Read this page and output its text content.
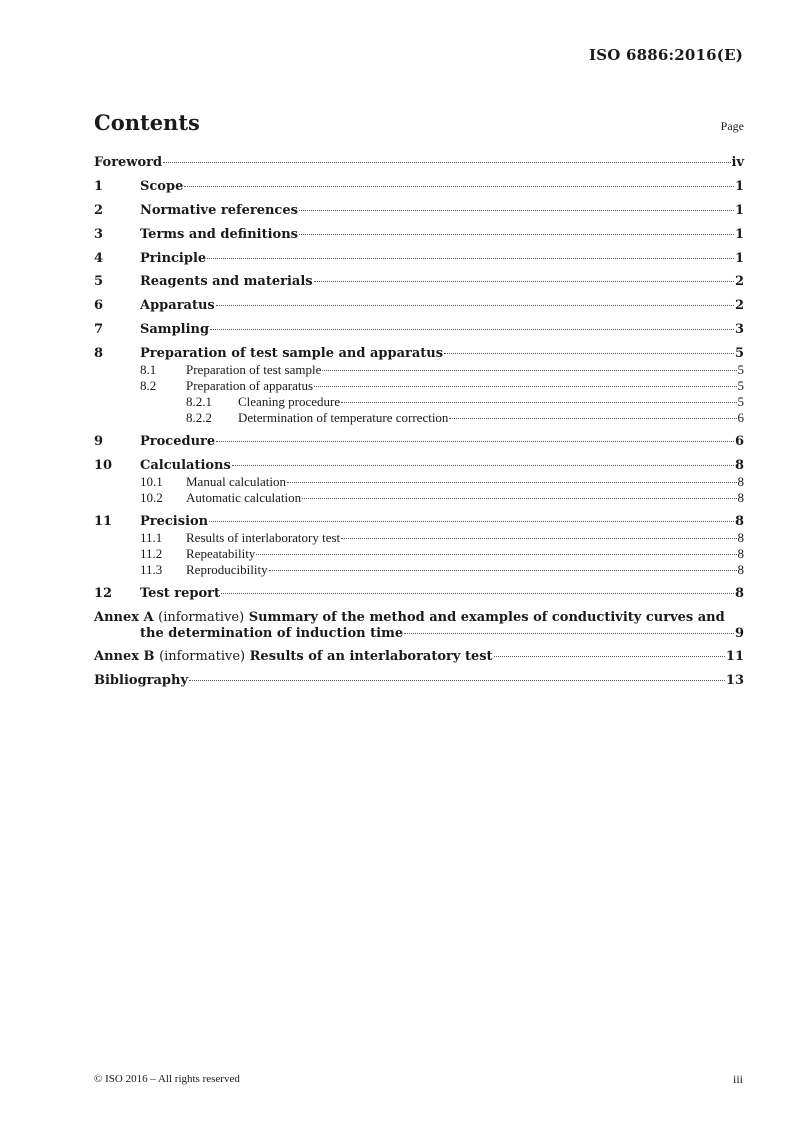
ISO 6886:2016(E)
Contents	Page
Foreword	iv
1	Scope	1
2	Normative references	1
3	Terms and definitions	1
4	Principle	1
5	Reagents and materials	2
6	Apparatus	2
7	Sampling	3
8	Preparation of test sample and apparatus	5
8.1	Preparation of test sample	5
8.2	Preparation of apparatus	5
8.2.1	Cleaning procedure	5
8.2.2	Determination of temperature correction	6
9	Procedure	6
10	Calculations	8
10.1	Manual calculation	8
10.2	Automatic calculation	8
11	Precision	8
11.1	Results of interlaboratory test	8
11.2	Repeatability	8
11.3	Reproducibility	8
12	Test report	8
Annex A (informative) Summary of the method and examples of conductivity curves and
the determination of induction time	9
Annex B (informative) Results of an interlaboratory test	11
Bibliography	13
© ISO 2016 – All rights reserved	iii
